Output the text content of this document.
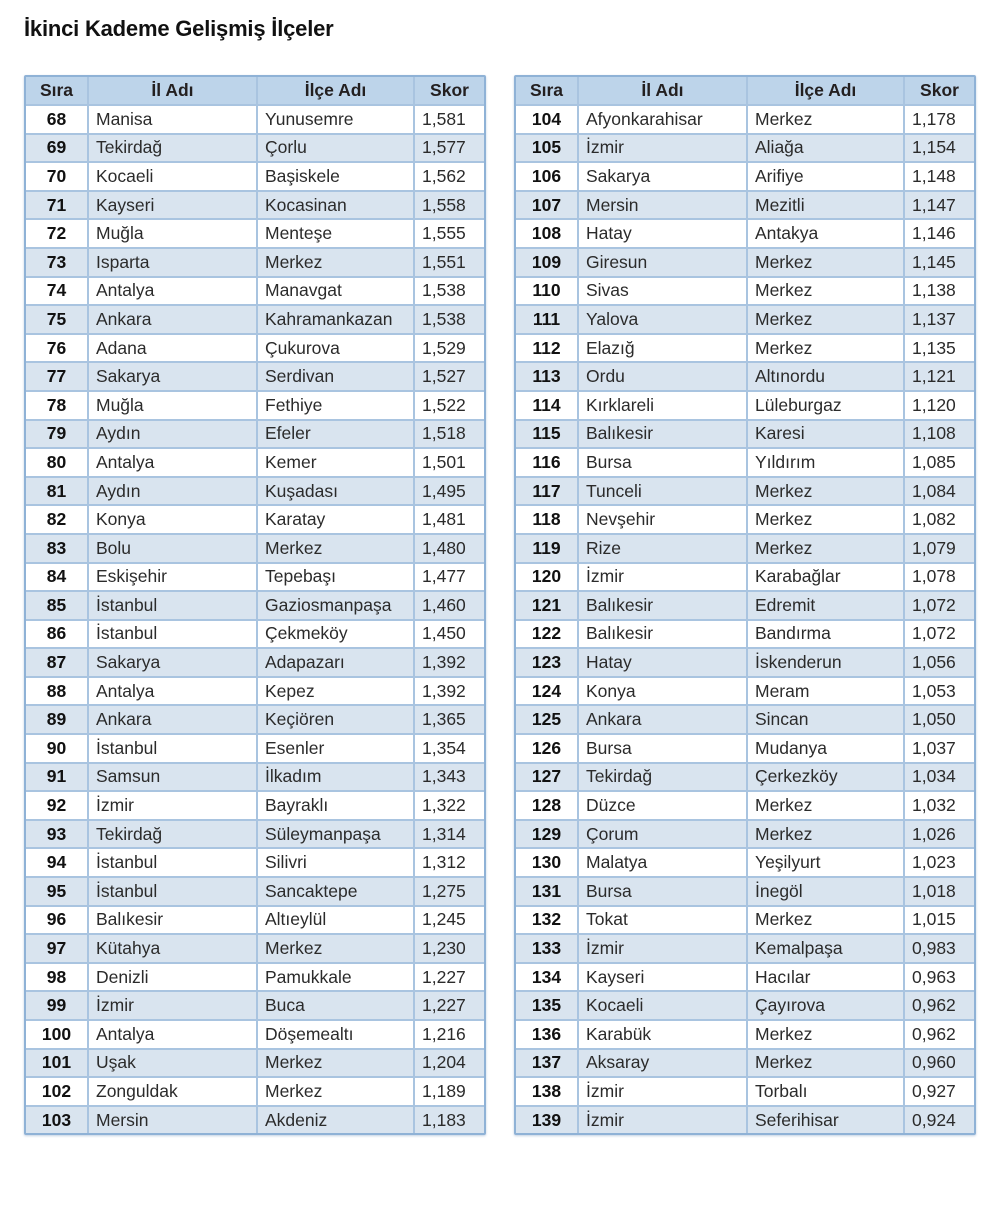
İkinci Kademe Gelişmiş İlçeler
Sıra	İl Adı	İlçe Adı	Skor
68	Manisa	Yunusemre	1,581
69	Tekirdağ	Çorlu	1,577
70	Kocaeli	Başiskele	1,562
71	Kayseri	Kocasinan	1,558
72	Muğla	Menteşe	1,555
73	Isparta	Merkez	1,551
74	Antalya	Manavgat	1,538
75	Ankara	Kahramankazan	1,538
76	Adana	Çukurova	1,529
77	Sakarya	Serdivan	1,527
78	Muğla	Fethiye	1,522
79	Aydın	Efeler	1,518
80	Antalya	Kemer	1,501
81	Aydın	Kuşadası	1,495
82	Konya	Karatay	1,481
83	Bolu	Merkez	1,480
84	Eskişehir	Tepebaşı	1,477
85	İstanbul	Gaziosmanpaşa	1,460
86	İstanbul	Çekmeköy	1,450
87	Sakarya	Adapazarı	1,392
88	Antalya	Kepez	1,392
89	Ankara	Keçiören	1,365
90	İstanbul	Esenler	1,354
91	Samsun	İlkadım	1,343
92	İzmir	Bayraklı	1,322
93	Tekirdağ	Süleymanpaşa	1,314
94	İstanbul	Silivri	1,312
95	İstanbul	Sancaktepe	1,275
96	Balıkesir	Altıeylül	1,245
97	Kütahya	Merkez	1,230
98	Denizli	Pamukkale	1,227
99	İzmir	Buca	1,227
100	Antalya	Döşemealtı	1,216
101	Uşak	Merkez	1,204
102	Zonguldak	Merkez	1,189
103	Mersin	Akdeniz	1,183
Sıra	İl Adı	İlçe Adı	Skor
104	Afyonkarahisar	Merkez	1,178
105	İzmir	Aliağa	1,154
106	Sakarya	Arifiye	1,148
107	Mersin	Mezitli	1,147
108	Hatay	Antakya	1,146
109	Giresun	Merkez	1,145
110	Sivas	Merkez	1,138
111	Yalova	Merkez	1,137
112	Elazığ	Merkez	1,135
113	Ordu	Altınordu	1,121
114	Kırklareli	Lüleburgaz	1,120
115	Balıkesir	Karesi	1,108
116	Bursa	Yıldırım	1,085
117	Tunceli	Merkez	1,084
118	Nevşehir	Merkez	1,082
119	Rize	Merkez	1,079
120	İzmir	Karabağlar	1,078
121	Balıkesir	Edremit	1,072
122	Balıkesir	Bandırma	1,072
123	Hatay	İskenderun	1,056
124	Konya	Meram	1,053
125	Ankara	Sincan	1,050
126	Bursa	Mudanya	1,037
127	Tekirdağ	Çerkezköy	1,034
128	Düzce	Merkez	1,032
129	Çorum	Merkez	1,026
130	Malatya	Yeşilyurt	1,023
131	Bursa	İnegöl	1,018
132	Tokat	Merkez	1,015
133	İzmir	Kemalpaşa	0,983
134	Kayseri	Hacılar	0,963
135	Kocaeli	Çayırova	0,962
136	Karabük	Merkez	0,962
137	Aksaray	Merkez	0,960
138	İzmir	Torbalı	0,927
139	İzmir	Seferihisar	0,924
